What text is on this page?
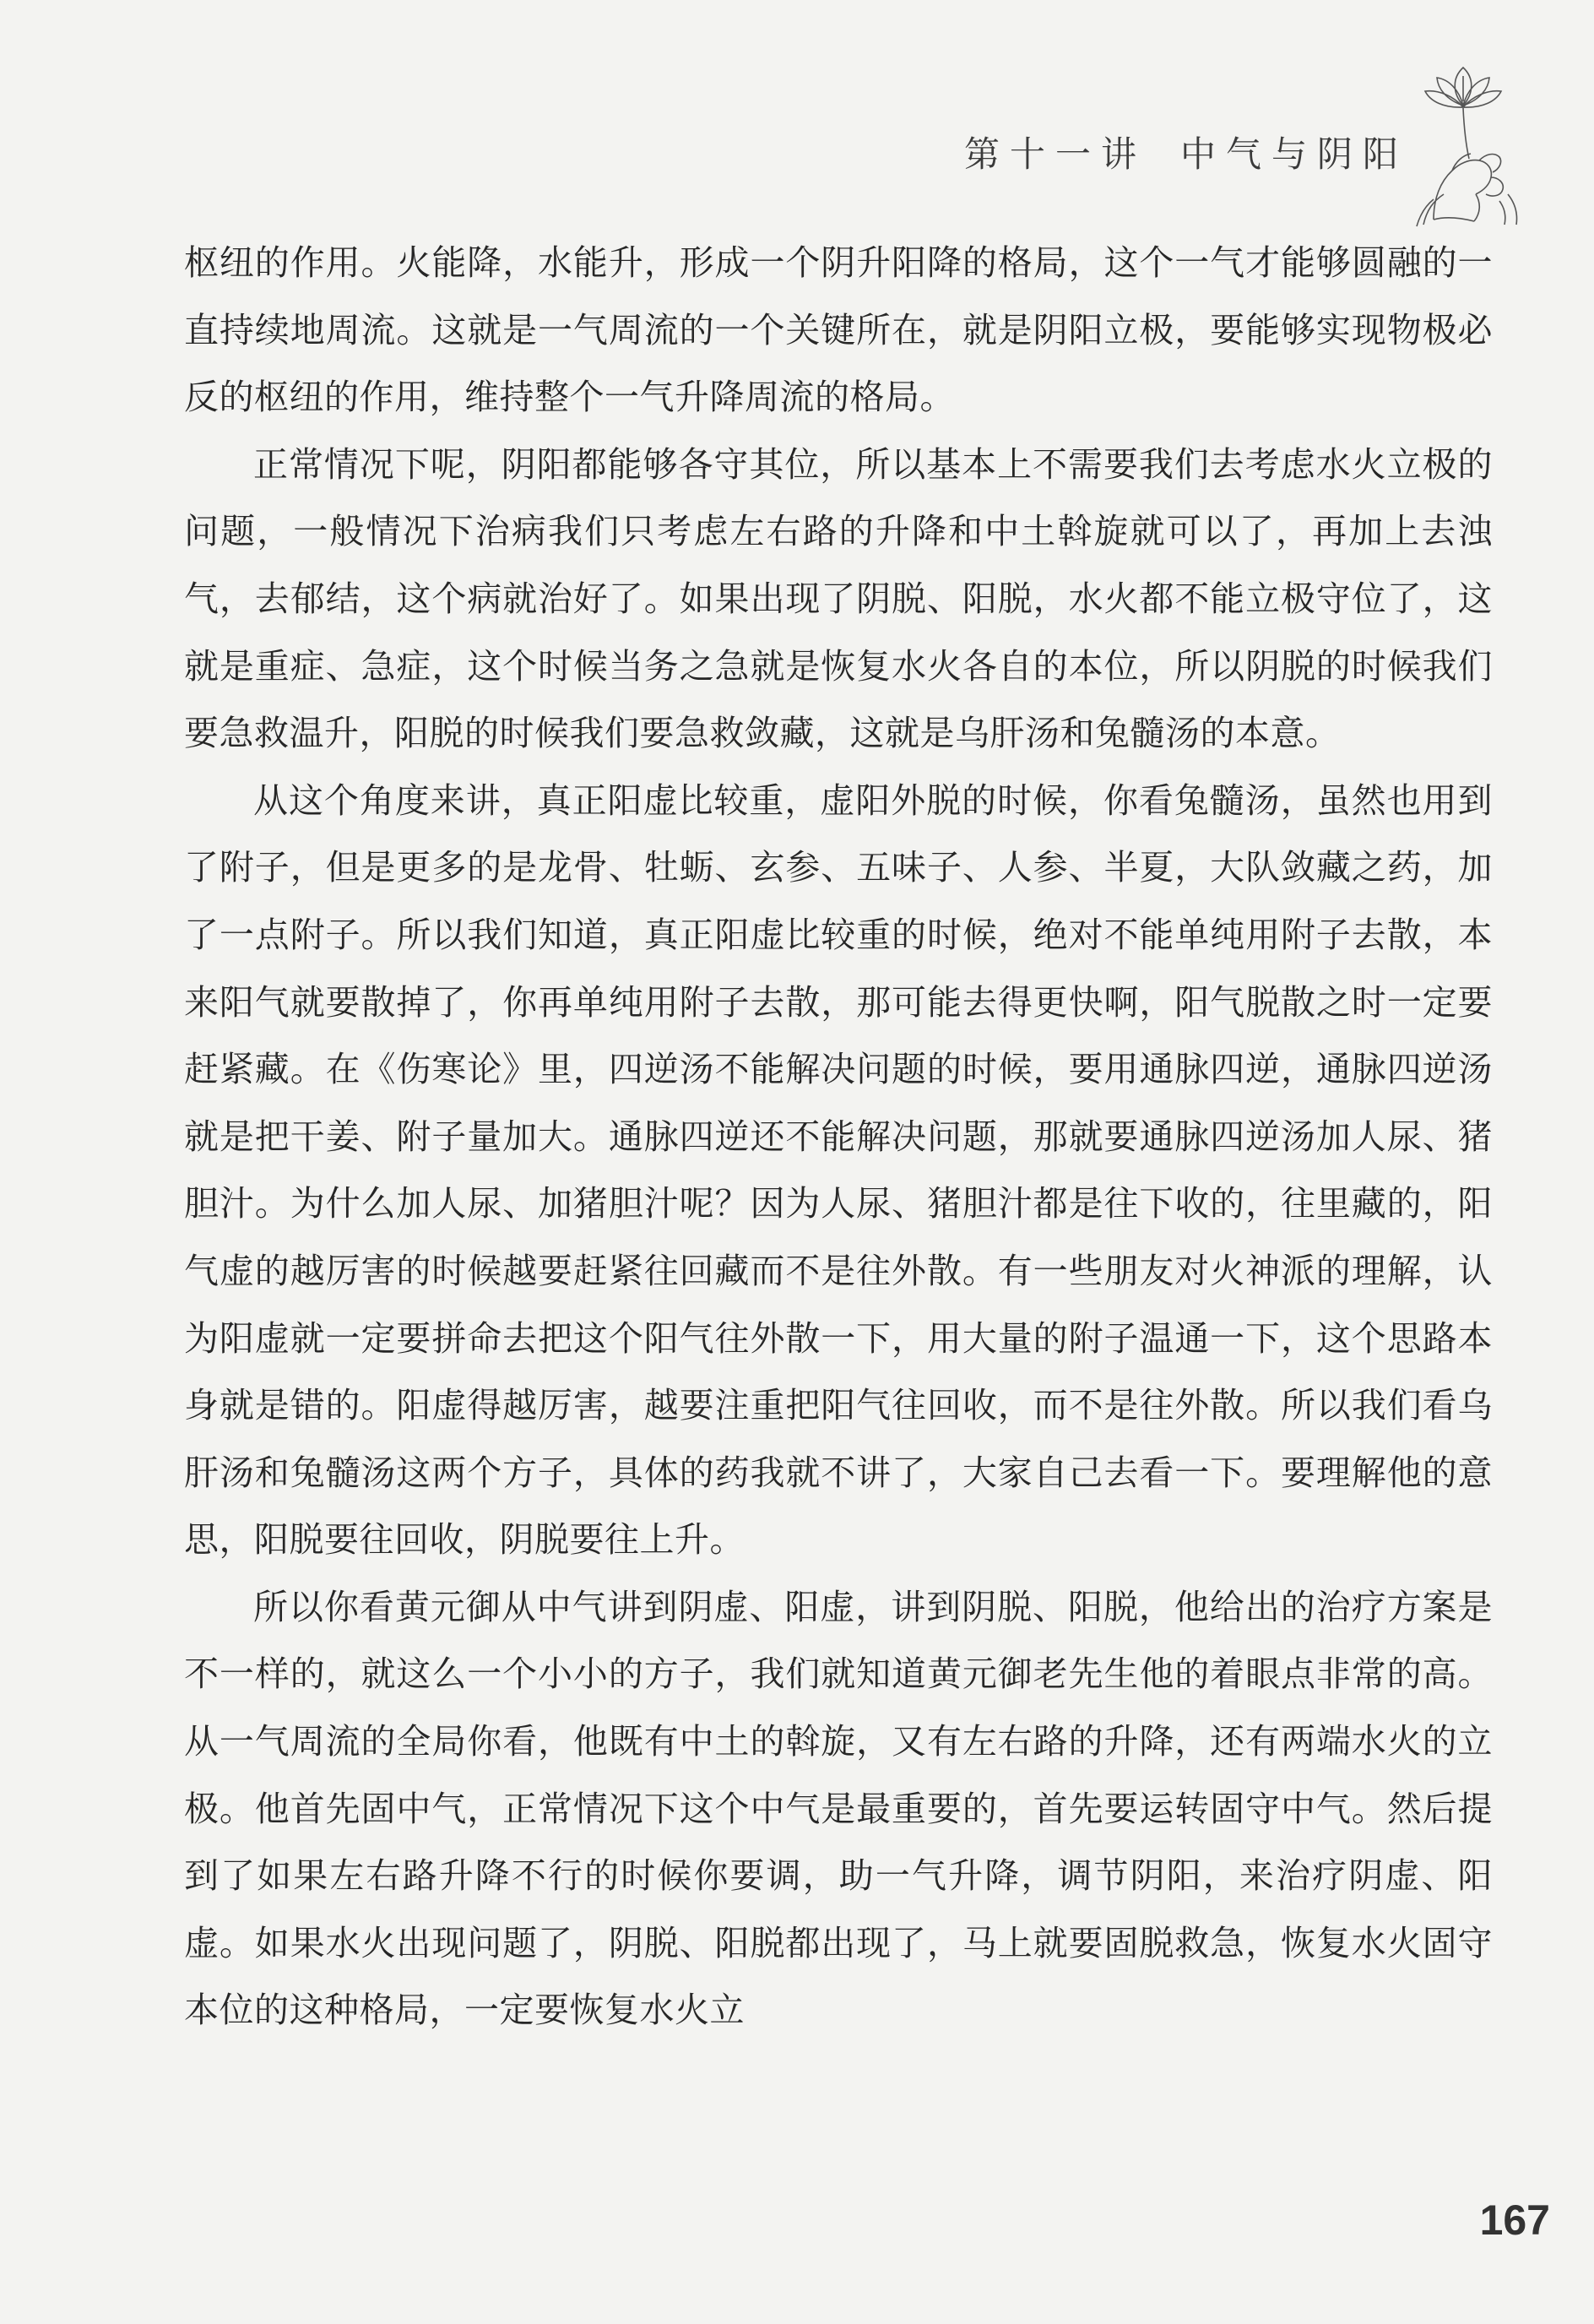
第十一讲 中气与阴阳

枢纽的作用。火能降，水能升，形成一个阴升阳降的格局，这个一气才能够圆融的一直持续地周流。这就是一气周流的一个关键所在，就是阴阳立极，要能够实现物极必反的枢纽的作用，维持整个一气升降周流的格局。

正常情况下呢，阴阳都能够各守其位，所以基本上不需要我们去考虑水火立极的问题，一般情况下治病我们只考虑左右路的升降和中土斡旋就可以了，再加上去浊气，去郁结，这个病就治好了。如果出现了阴脱、阳脱，水火都不能立极守位了，这就是重症、急症，这个时候当务之急就是恢复水火各自的本位，所以阴脱的时候我们要急救温升，阳脱的时候我们要急救敛藏，这就是乌肝汤和兔髓汤的本意。

从这个角度来讲，真正阳虚比较重，虚阳外脱的时候，你看兔髓汤，虽然也用到了附子，但是更多的是龙骨、牡蛎、玄参、五味子、人参、半夏，大队敛藏之药，加了一点附子。所以我们知道，真正阳虚比较重的时候，绝对不能单纯用附子去散，本来阳气就要散掉了，你再单纯用附子去散，那可能去得更快啊，阳气脱散之时一定要赶紧藏。在《伤寒论》里，四逆汤不能解决问题的时候，要用通脉四逆，通脉四逆汤就是把干姜、附子量加大。通脉四逆还不能解决问题，那就要通脉四逆汤加人尿、猪胆汁。为什么加人尿、加猪胆汁呢？因为人尿、猪胆汁都是往下收的，往里藏的，阳气虚的越厉害的时候越要赶紧往回藏而不是往外散。有一些朋友对火神派的理解，认为阳虚就一定要拼命去把这个阳气往外散一下，用大量的附子温通一下，这个思路本身就是错的。阳虚得越厉害，越要注重把阳气往回收，而不是往外散。所以我们看乌肝汤和兔髓汤这两个方子，具体的药我就不讲了，大家自己去看一下。要理解他的意思，阳脱要往回收，阴脱要往上升。

所以你看黄元御从中气讲到阴虚、阳虚，讲到阴脱、阳脱，他给出的治疗方案是不一样的，就这么一个小小的方子，我们就知道黄元御老先生他的着眼点非常的高。从一气周流的全局你看，他既有中土的斡旋，又有左右路的升降，还有两端水火的立极。他首先固中气，正常情况下这个中气是最重要的，首先要运转固守中气。然后提到了如果左右路升降不行的时候你要调，助一气升降，调节阴阳，来治疗阴虚、阳虚。如果水火出现问题了，阴脱、阳脱都出现了，马上就要固脱救急，恢复水火固守本位的这种格局，一定要恢复水火立

167
